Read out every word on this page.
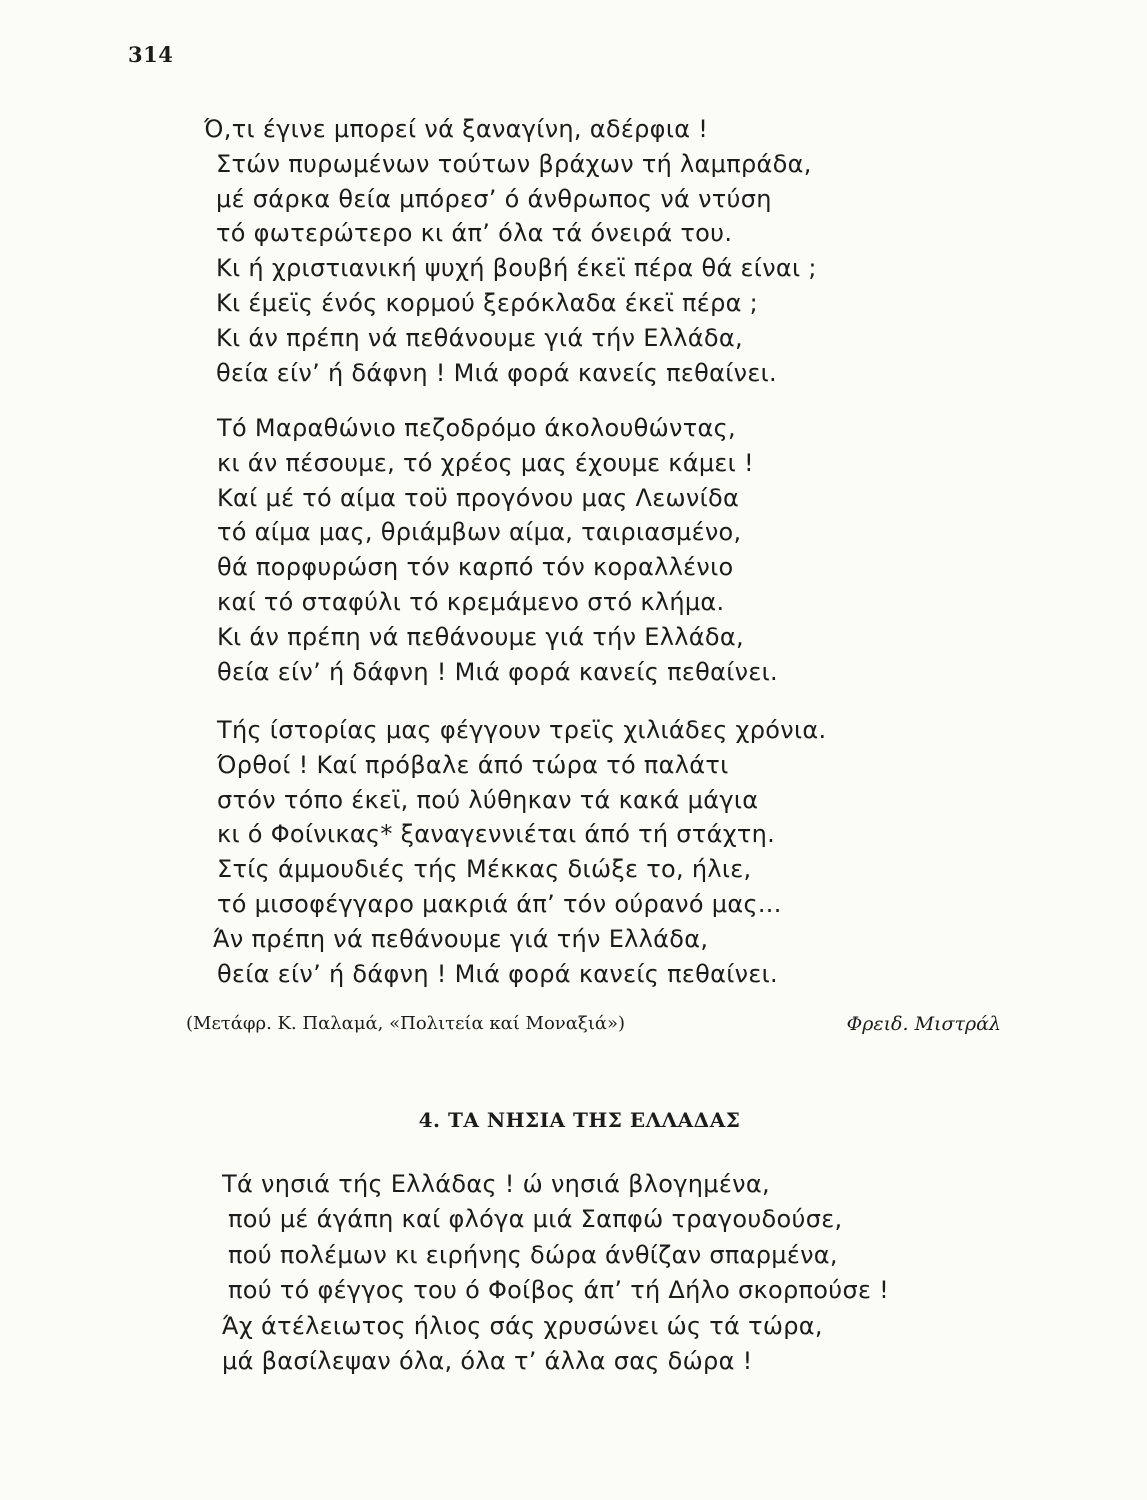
314
Ό,τι έγινε μπορεί νά ξαναγίνη, αδέρφια !
Στών πυρωμένων τούτων βράχων τή λαμπράδα,
μέ σάρκα θεία μπόρεσ’ ό άνθρωπος νά ντύση
τό φωτερώτερο κι άπ’ όλα τά όνειρά του.
Κι ή χριστιανική ψυχή βουβή έκεϊ πέρα θά είναι ;
Κι έμεϊς ένός κορμού ξερόκλαδα έκεϊ πέρα ;
Κι άν πρέπη νά πεθάνουμε γιά τήν Ελλάδα,
θεία είν’ ή δάφνη ! Μιά φορά κανείς πεθαίνει.
Τό Μαραθώνιο πεζοδρόμο άκολουθώντας,
κι άν πέσουμε, τό χρέος μας έχουμε κάμει !
Καί μέ τό αίμα τοϋ προγόνου μας Λεωνίδα
τό αίμα μας, θριάμβων αίμα, ταιριασμένο,
θά πορφυρώση τόν καρπό τόν κοραλλένιο
καί τό σταφύλι τό κρεμάμενο στό κλήμα.
Κι άν πρέπη νά πεθάνουμε γιά τήν Ελλάδα,
θεία είν’ ή δάφνη ! Μιά φορά κανείς πεθαίνει.
Τής ίστορίας μας φέγγουν τρεϊς χιλιάδες χρόνια.
Όρθοί ! Καί πρόβαλε άπό τώρα τό παλάτι
στόν τόπο έκεϊ, πού λύθηκαν τά κακά μάγια
κι ό Φοίνικας* ξαναγεννιέται άπό τή στάχτη.
Στίς άμμουδιές τής Μέκκας διώξε το, ήλιε,
τό μισοφέγγαρο μακριά άπ’ τόν ούρανό μας...
Άν πρέπη νά πεθάνουμε γιά τήν Ελλάδα,
θεία είν’ ή δάφνη ! Μιά φορά κανείς πεθαίνει.
(Μετάφρ. Κ. Παλαμά, «Πολιτεία καί Μοναξιά»)	Φρειδ. Μιστράλ
4. ΤΑ ΝΗΣΙΑ ΤΗΣ ΕΛΛΑΔΑΣ
Τά νησιά τής Ελλάδας ! ώ νησιά βλογημένα,
πού μέ άγάπη καί φλόγα μιά Σαπφώ τραγουδούσε,
πού πολέμων κι ειρήνης δώρα άνθίζαν σπαρμένα,
πού τό φέγγος του ό Φοίβος άπ’ τή Δήλο σκορπούσε !
Άχ άτέλειωτος ήλιος σάς χρυσώνει ώς τά τώρα,
μά βασίλεψαν όλα, όλα τ’ άλλα σας δώρα !
